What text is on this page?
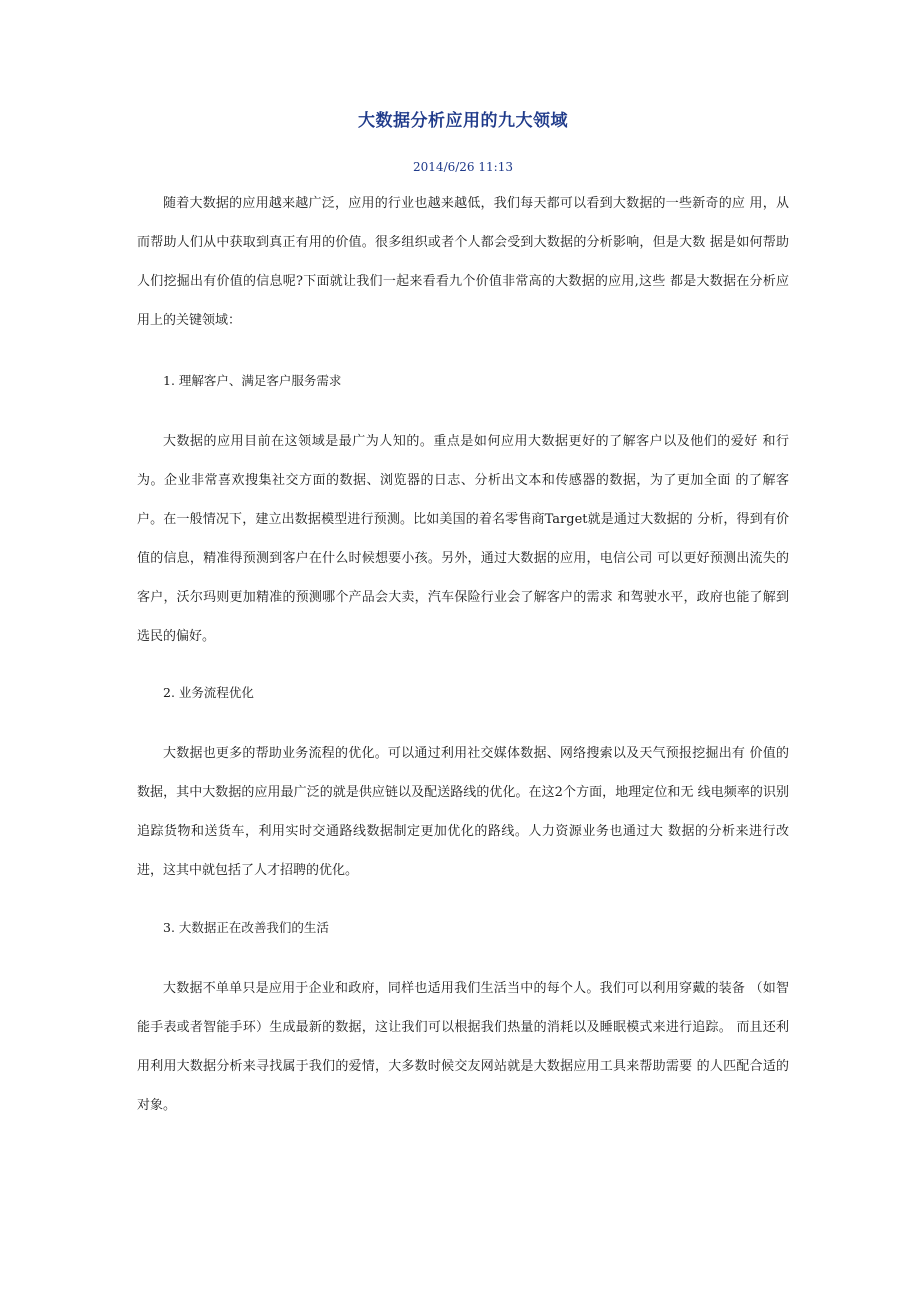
大数据分析应用的九大领域
2014/6/26 11:13

随着大数据的应用越来越广泛，应用的行业也越来越低，我们每天都可以看到大数据的一些新奇的应 用，从而帮助人们从中获取到真正有用的价值。很多组织或者个人都会受到大数据的分析影响，但是大数 据是如何帮助人们挖掘出有价值的信息呢?下面就让我们一起来看看九个价值非常高的大数据的应用,这些 都是大数据在分析应用上的关键领域：

1. 理解客户、满足客户服务需求

大数据的应用目前在这领域是最广为人知的。重点是如何应用大数据更好的了解客户以及他们的爱好 和行为。企业非常喜欢搜集社交方面的数据、浏览器的日志、分析出文本和传感器的数据，为了更加全面 的了解客户。在一般情况下，建立出数据模型进行预测。比如美国的着名零售商Target就是通过大数据的 分析，得到有价值的信息，精准得预测到客户在什么时候想要小孩。另外，通过大数据的应用，电信公司 可以更好预测出流失的客户，沃尔玛则更加精准的预测哪个产品会大卖，汽车保险行业会了解客户的需求 和驾驶水平，政府也能了解到选民的偏好。

2. 业务流程优化

大数据也更多的帮助业务流程的优化。可以通过利用社交媒体数据、网络搜索以及天气预报挖掘出有 价值的数据，其中大数据的应用最广泛的就是供应链以及配送路线的优化。在这2个方面，地理定位和无 线电频率的识别追踪货物和送货车，利用实时交通路线数据制定更加优化的路线。人力资源业务也通过大 数据的分析来进行改进，这其中就包括了人才招聘的优化。

3. 大数据正在改善我们的生活

大数据不单单只是应用于企业和政府，同样也适用我们生活当中的每个人。我们可以利用穿戴的装备 （如智能手表或者智能手环）生成最新的数据，这让我们可以根据我们热量的消耗以及睡眠模式来进行追踪。 而且还利用利用大数据分析来寻找属于我们的爱情，大多数时候交友网站就是大数据应用工具来帮助需要 的人匹配合适的对象。
